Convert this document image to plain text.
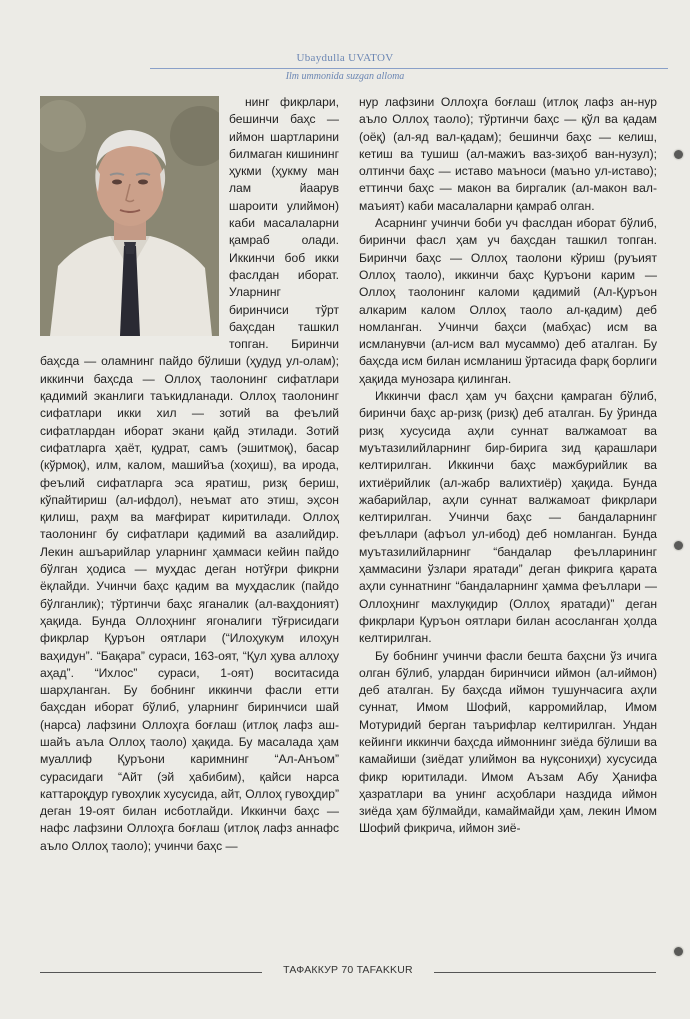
Ubaydulla UVATOV
Ilm ummonida suzgan alloma

нинг фикрлари, бешинчи баҳс — иймон шартларини билмаган кишининг ҳукми (ҳукму ман лам йаарув шароити улиймон) каби масалаларни қамраб олади. Иккинчи боб икки фаслдан иборат. Уларнинг биринчиси тўрт баҳсдан ташкил топган. Биринчи баҳсда — оламнинг пайдо бўлиши (ҳудуд ул-олам); иккинчи баҳсда — Оллоҳ таолонинг сифатлари қадимий эканлиги таъкидланади. Оллоҳ таолонинг сифатлари икки хил — зотий ва феълий сифатлардан иборат экани қайд этилади. Зотий сифатларга ҳаёт, қудрат, самъ (эшитмоқ), басар (кўрмоқ), илм, калом, машийъа (хоҳиш), ва ирода, феълий сифатларга эса яратиш, ризқ бериш, кўпайтириш (ал-ифдол), неъмат ато этиш, эҳсон қилиш, раҳм ва мағфират киритилади. Оллоҳ таолонинг бу сифатлари қадимий ва азалийдир. Лекин ашъарийлар уларнинг ҳаммаси кейин пайдо бўлган ҳодиса — муҳдас деган нотўғри фикрни ёқлайди. Учинчи баҳс қадим ва муҳдаслик (пайдо бўлганлик); тўртинчи баҳс яганалик (ал-ваҳдоният) ҳақида. Бунда Оллоҳнинг ягоналиги тўғрисидаги фикрлар Қуръон оятлари (“Илоҳукум илоҳун ваҳидун”. “Бақара” сураси, 163-оят, “Қул ҳува аллоҳу аҳад”. “Ихлос” сураси, 1-оят) воситасида шарҳланган. Бу бобнинг иккинчи фасли етти баҳсдан иборат бўлиб, уларнинг биринчиси шай (нарса) лафзини Оллоҳга боғлаш (итлоқ лафз аш-шайъ аъла Оллоҳ таоло) ҳақида. Бу масалада ҳам муаллиф Қуръони каримнинг “Ал-Анъом” сурасидаги “Айт (эй ҳабибим), қайси нарса каттароқдур гувоҳлик хусусида, айт, Оллоҳ гувоҳдир” деган 19-оят билан исботлайди. Иккинчи баҳс — нафс лафзини Оллоҳга боғлаш (итлоқ лафз аннафс аъло Оллоҳ таоло); учинчи баҳс —

нур лафзини Оллоҳга боғлаш (итлоқ лафз ан-нур аъло Оллоҳ таоло); тўртинчи баҳс — қўл ва қадам (оёқ) (ал-яд вал-қадам); бешинчи баҳс — келиш, кетиш ва тушиш (ал-мажиъ ваз-зиҳоб ван-нузул); олтинчи баҳс — иставо маъноси (маъно ул-иставо); еттинчи баҳс — макон ва биргалик (ал-макон вал-маъият) каби масалаларни қамраб олган.

Асарнинг учинчи боби уч фаслдан иборат бўлиб, биринчи фасл ҳам уч баҳсдан ташкил топган. Биринчи баҳс — Оллоҳ таолони кўриш (руъият Оллоҳ таоло), иккинчи баҳс Қуръони карим — Оллоҳ таолонинг каломи қадимий (Ал-Қуръон алкарим калом Оллоҳ таоло ал-қадим) деб номланган. Учинчи баҳси (мабҳас) исм ва исмланувчи (ал-исм вал мусаммо) деб аталган. Бу баҳсда исм билан исмланиш ўртасида фарқ борлиги ҳақида мунозара қилинган.

Иккинчи фасл ҳам уч баҳсни қамраган бўлиб, биринчи баҳс ар-ризқ (ризқ) деб аталган. Бу ўринда ризқ хусусида аҳли суннат валжамоат ва муътазилийларнинг бир-бирига зид қарашлари келтирилган. Иккинчи баҳс мажбурийлик ва ихтиёрийлик (ал-жабр валихтиёр) ҳақида. Бунда жабарийлар, аҳли суннат валжамоат фикрлари келтирилган. Учинчи баҳс — бандаларнинг феъллари (афъол ул-ибод) деб номланган. Бунда муътазилийларнинг “бандалар феълларининг ҳаммасини ўзлари яратади” деган фикрига қарата аҳли суннатнинг “бандаларнинг ҳамма феъллари — Оллоҳнинг махлуқидир (Оллоҳ яратади)” деган фикрлари Қуръон оятлари билан асосланган ҳолда келтирилган.

Бу бобнинг учинчи фасли бешта баҳсни ўз ичига олган бўлиб, улардан биринчиси иймон (ал-иймон) деб аталган. Бу баҳсда иймон тушунчасига аҳли суннат, Имом Шофий, карромийлар, Имом Мотуридий берган таърифлар келтирилган. Ундан кейинги иккинчи баҳсда иймоннинг зиёда бўлиши ва камайиши (зиёдат улиймон ва нуқсониҳи) хусусида фикр юритилади. Имом Аъзам Абу Ҳанифа ҳазратлари ва унинг асҳоблари наздида иймон зиёда ҳам бўлмайди, камаймайди ҳам, лекин Имом Шофий фикрича, иймон зиё-

ТАФАККУР 70 TAFAKKUR
